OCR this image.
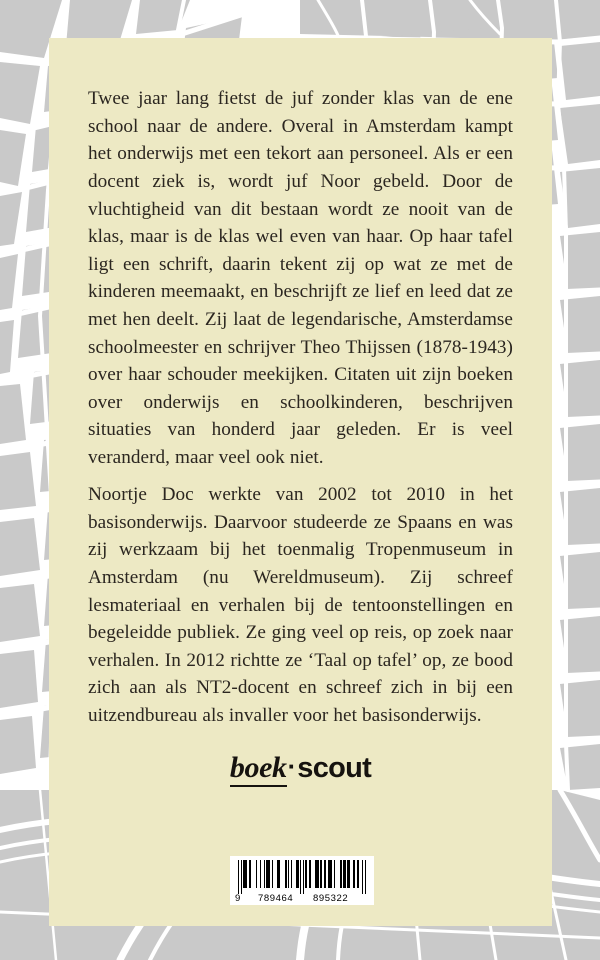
Twee jaar lang fietst de juf zonder klas van de ene school naar de andere. Overal in Amsterdam kampt het onderwijs met een tekort aan personeel. Als er een docent ziek is, wordt juf Noor gebeld. Door de vluchtigheid van dit bestaan wordt ze nooit van de klas, maar is de klas wel even van haar. Op haar tafel ligt een schrift, daarin tekent zij op wat ze met de kinderen meemaakt, en beschrijft ze lief en leed dat ze met hen deelt. Zij laat de legendarische, Amsterdamse schoolmeester en schrijver Theo Thijssen (1878-1943) over haar schouder meekijken. Citaten uit zijn boeken over onderwijs en schoolkinderen, beschrijven situaties van honderd jaar geleden. Er is veel veranderd, maar veel ook niet.

Noortje Doc werkte van 2002 tot 2010 in het basisonderwijs. Daarvoor studeerde ze Spaans en was zij werkzaam bij het toenmalig Tropenmuseum in Amsterdam (nu Wereldmuseum). Zij schreef lesmateriaal en verhalen bij de tentoonstellingen en begeleidde publiek. Ze ging veel op reis, op zoek naar verhalen. In 2012 richtte ze ‘Taal op tafel’ op, ze bood zich aan als NT2-docent en schreef zich in bij een uitzendbureau als invaller voor het basisonderwijs.

boek·scout
9 789464 895322
